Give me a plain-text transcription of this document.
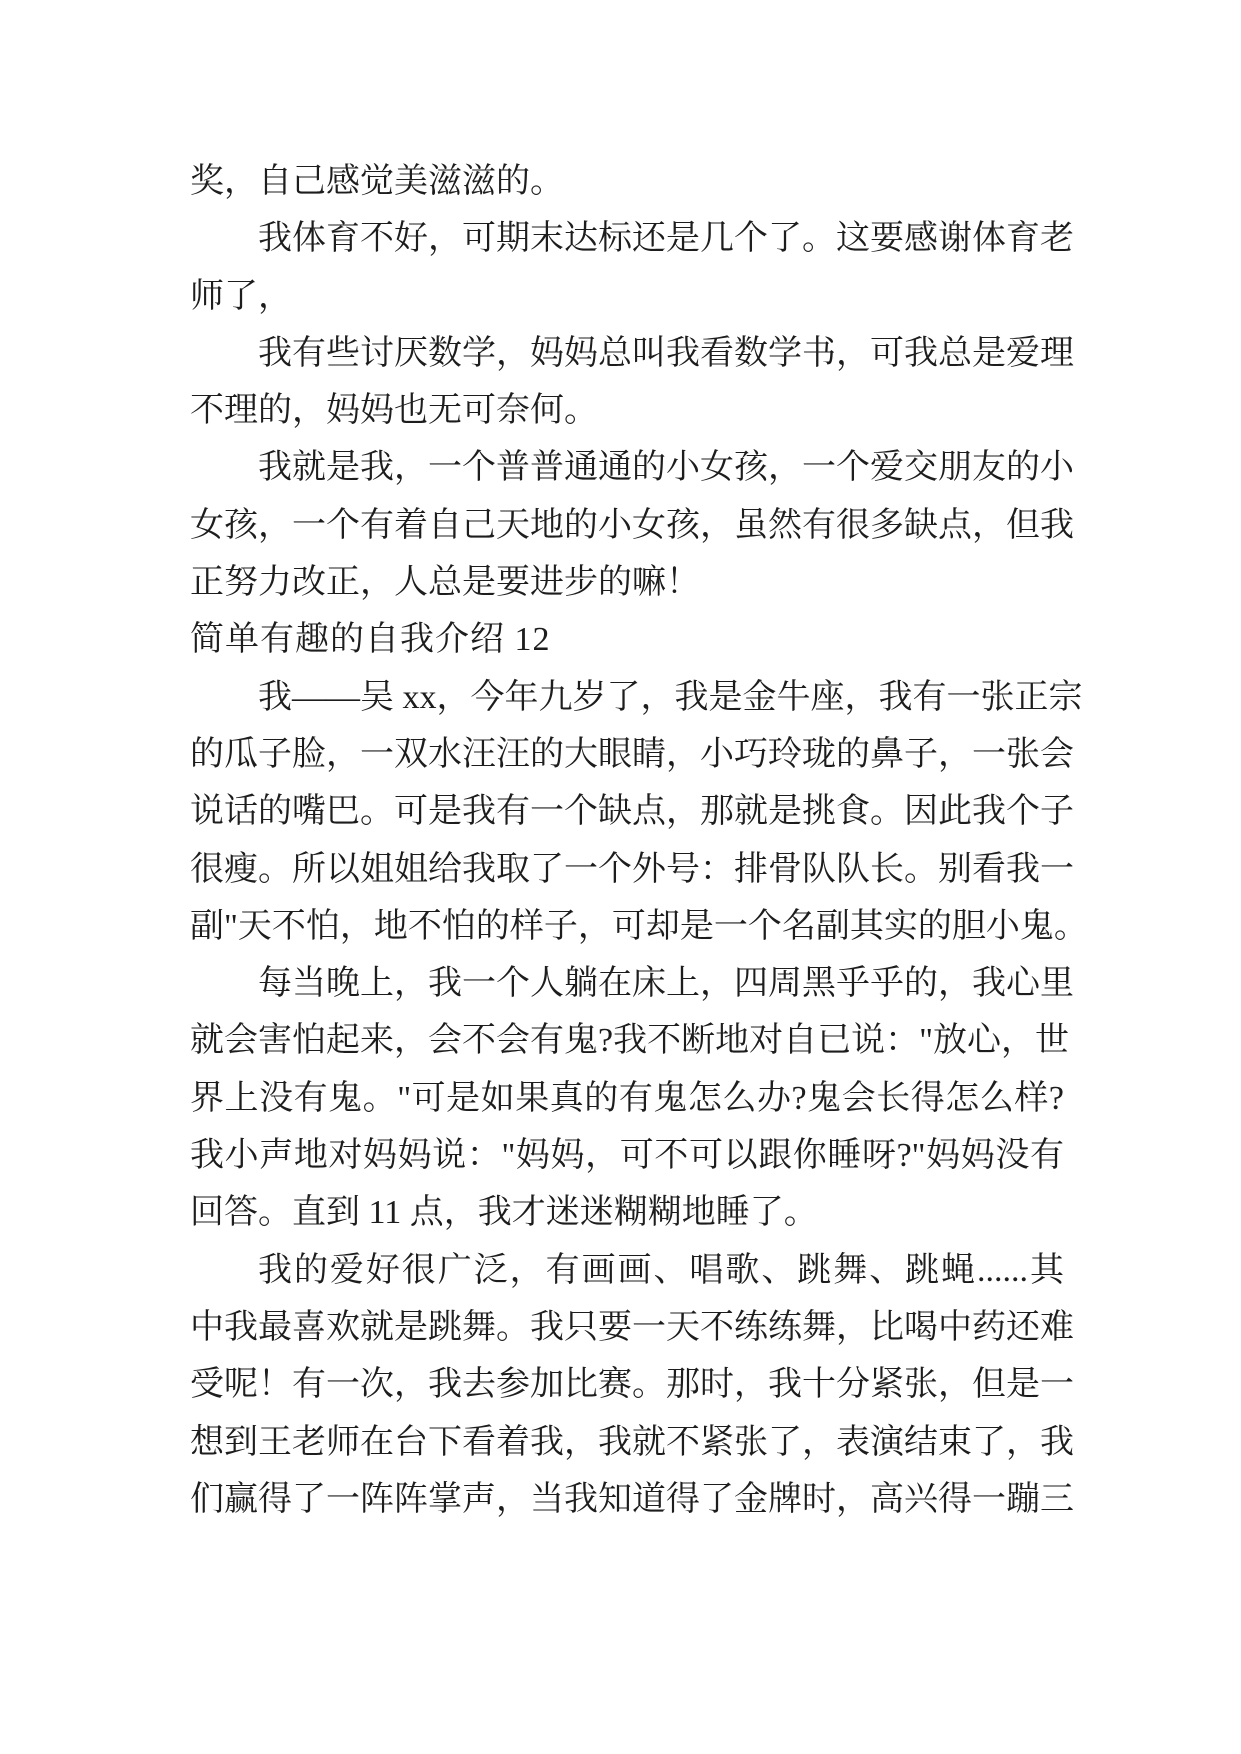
奖，自己感觉美滋滋的。
我体育不好，可期末达标还是几个了。这要感谢体育老
师了，
我有些讨厌数学，妈妈总叫我看数学书，可我总是爱理
不理的，妈妈也无可奈何。
我就是我，一个普普通通的小女孩，一个爱交朋友的小
女孩，一个有着自己天地的小女孩，虽然有很多缺点，但我
正努力改正，人总是要进步的嘛！
简单有趣的自我介绍 12
我——吴 xx，今年九岁了，我是金牛座，我有一张正宗
的瓜子脸，一双水汪汪的大眼睛，小巧玲珑的鼻子，一张会
说话的嘴巴。可是我有一个缺点，那就是挑食。因此我个子
很瘦。所以姐姐给我取了一个外号：排骨队队长。别看我一
副"天不怕，地不怕的样子，可却是一个名副其实的胆小鬼。
每当晚上，我一个人躺在床上，四周黑乎乎的，我心里
就会害怕起来，会不会有鬼?我不断地对自已说："放心，世
界上没有鬼。"可是如果真的有鬼怎么办?鬼会长得怎么样?
我小声地对妈妈说："妈妈，可不可以跟你睡呀?"妈妈没有
回答。直到 11 点，我才迷迷糊糊地睡了。
我的爱好很广泛，有画画、唱歌、跳舞、跳蝇......其
中我最喜欢就是跳舞。我只要一天不练练舞，比喝中药还难
受呢！有一次，我去参加比赛。那时，我十分紧张，但是一
想到王老师在台下看着我，我就不紧张了，表演结束了，我
们赢得了一阵阵掌声，当我知道得了金牌时，高兴得一蹦三
